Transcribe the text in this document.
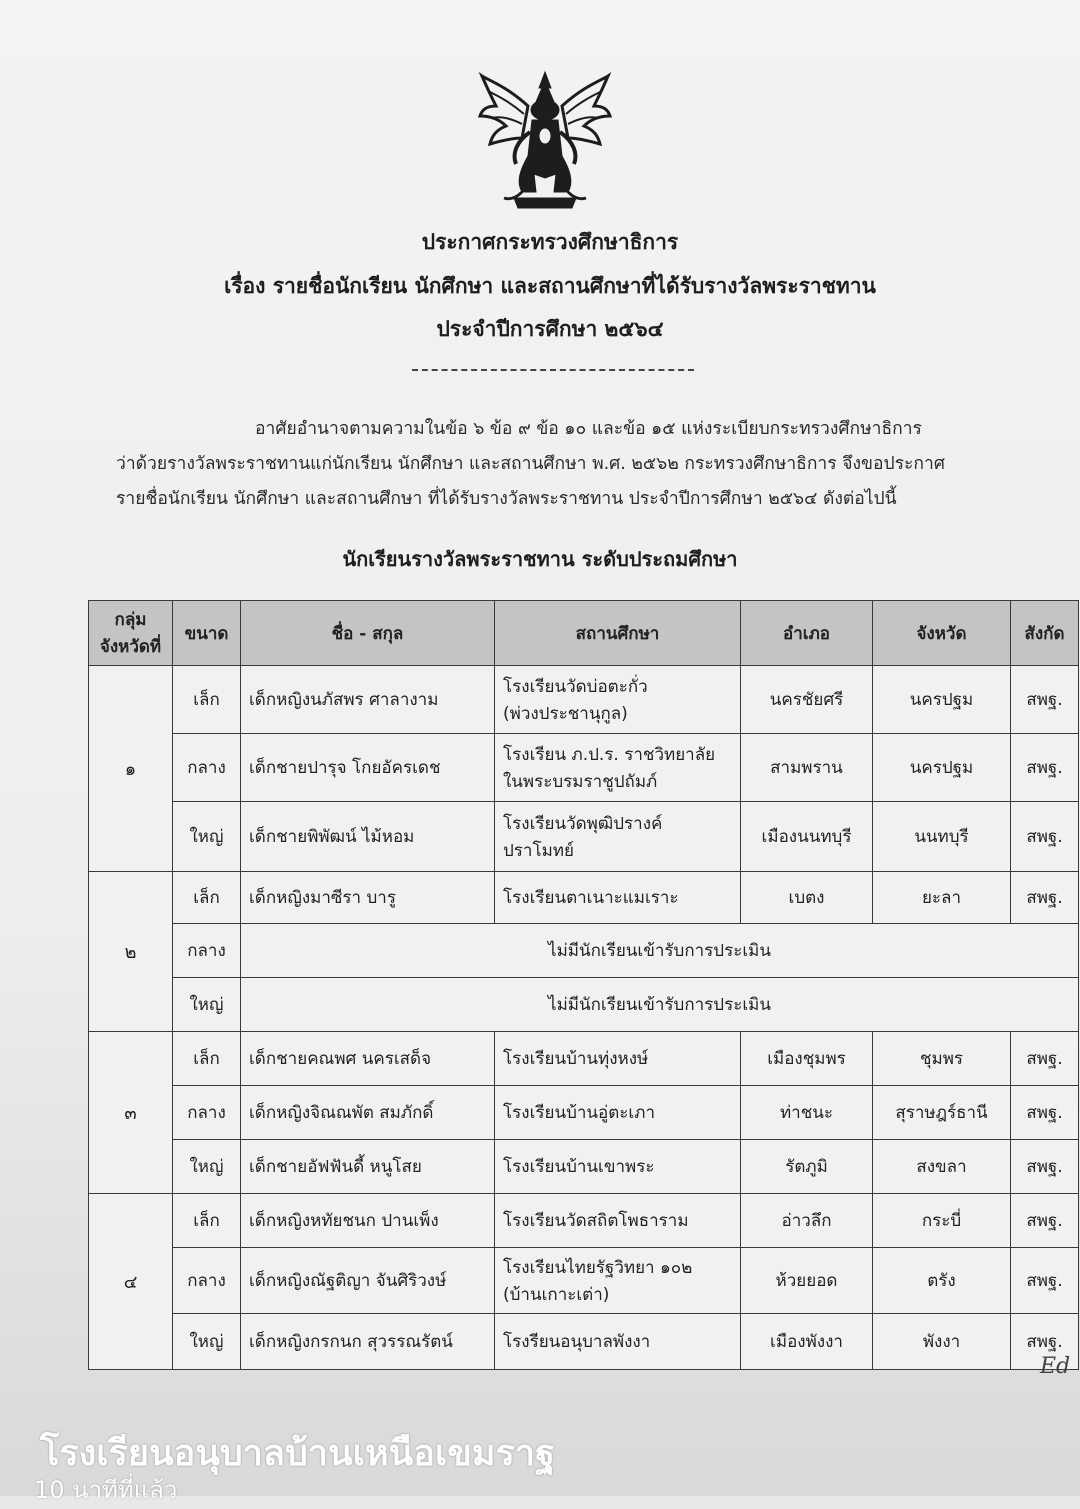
ประกาศกระทรวงศึกษาธิการ
เรื่อง รายชื่อนักเรียน นักศึกษา และสถานศึกษาที่ได้รับรางวัลพระราชทาน
ประจำปีการศึกษา ๒๕๖๔
อาศัยอำนาจตามความในข้อ ๖ ข้อ ๙ ข้อ ๑๐ และข้อ ๑๕ แห่งระเบียบกระทรวงศึกษาธิการ
ว่าด้วยรางวัลพระราชทานแก่นักเรียน นักศึกษา และสถานศึกษา พ.ศ. ๒๕๖๒ กระทรวงศึกษาธิการ จึงขอประกาศ
รายชื่อนักเรียน นักศึกษา และสถานศึกษา ที่ได้รับรางวัลพระราชทาน ประจำปีการศึกษา ๒๕๖๔ ดังต่อไปนี้
นักเรียนรางวัลพระราชทาน ระดับประถมศึกษา
กลุ่ม
จังหวัดที่	ขนาด	ชื่อ - สกุล	สถานศึกษา	อำเภอ	จังหวัด	สังกัด
๑	เล็ก	เด็กหญิงนภัสพร ศาลางาม	โรงเรียนวัดบ่อตะกั่ว
(พ่วงประชานุกูล)	นครชัยศรี	นครปฐม	สพฐ.
	กลาง	เด็กชายปารุจ โกยอัครเดช	โรงเรียน ภ.ป.ร. ราชวิทยาลัย
ในพระบรมราชูปถัมภ์	สามพราน	นครปฐม	สพฐ.
	ใหญ่	เด็กชายพิพัฒน์ ไม้หอม	โรงเรียนวัดพุฒิปรางค์
ปราโมทย์	เมืองนนทบุรี	นนทบุรี	สพฐ.
๒	เล็ก	เด็กหญิงมาซีรา บารู	โรงเรียนตาเนาะแมเราะ	เบตง	ยะลา	สพฐ.
	กลาง	ไม่มีนักเรียนเข้ารับการประเมิน				
	ใหญ่	ไม่มีนักเรียนเข้ารับการประเมิน				
๓	เล็ก	เด็กชายคณพศ นครเสด็จ	โรงเรียนบ้านทุ่งหงษ์	เมืองชุมพร	ชุมพร	สพฐ.
	กลาง	เด็กหญิงจิณณพัต สมภักดิ์	โรงเรียนบ้านอู่ตะเภา	ท่าชนะ	สุราษฎร์ธานี	สพฐ.
	ใหญ่	เด็กชายอัฟฟันดี้ หนูโสย	โรงเรียนบ้านเขาพระ	รัตภูมิ	สงขลา	สพฐ.
๔	เล็ก	เด็กหญิงหทัยชนก ปานเพ็ง	โรงเรียนวัดสถิตโพธาราม	อ่าวลึก	กระบี่	สพฐ.
	กลาง	เด็กหญิงณัฐติญา จันศิริวงษ์	โรงเรียนไทยรัฐวิทยา ๑๐๒
(บ้านเกาะเต่า)	ห้วยยอด	ตรัง	สพฐ.
	ใหญ่	เด็กหญิงกรกนก สุวรรณรัตน์	โรงรียนอนุบาลพังงา	เมืองพังงา	พังงา	สพฐ.
Ed
โรงเรียนอนุบาลบ้านเหนือเขมราฐ
10 นาทีที่แล้ว
